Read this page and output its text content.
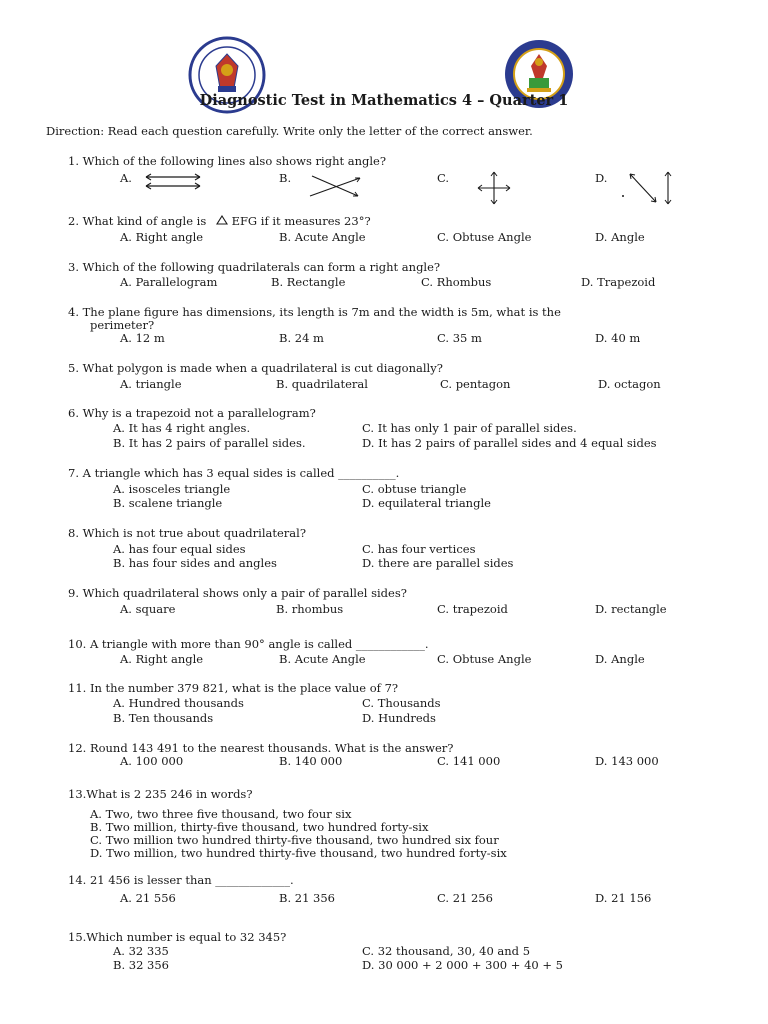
Diagnostic Test in Mathematics 4 – Quarter 1
Direction: Read each question carefully. Write only the letter of the correct answer.
1. Which of the following lines also shows right angle?
A.	B.	C.	D.
2. What kind of angle is EFG if it measures 23°?
A. Right angle	B. Acute Angle	C. Obtuse Angle	D. Angle
3. Which of the following quadrilaterals can form a right angle?
A. Parallelogram	B. Rectangle	C. Rhombus	D. Trapezoid
4. The plane figure has dimensions, its length is 7m and the width is 5m, what is the
perimeter?
A. 12 m	B. 24 m	C. 35 m	D. 40 m
5. What polygon is made when a quadrilateral is cut diagonally?
A. triangle	B. quadrilateral	C. pentagon	D. octagon
6. Why is a trapezoid not a parallelogram?
A. It has 4 right angles.	C. It has only 1 pair of parallel sides.
B. It has 2 pairs of parallel sides.	D. It has 2 pairs of parallel sides and 4 equal sides
7. A triangle which has 3 equal sides is called __________.
A. isosceles triangle	C. obtuse triangle
B. scalene triangle	D. equilateral triangle
8. Which is not true about quadrilateral?
A. has four equal sides	C. has four vertices
B. has four sides and angles	D. there are parallel sides
9. Which quadrilateral shows only a pair of parallel sides?
A. square	B. rhombus	C. trapezoid	D. rectangle
10. A triangle with more than 90° angle is called ____________.
A. Right angle	B. Acute Angle	C. Obtuse Angle	D. Angle
11. In the number 379 821, what is the place value of 7?
A. Hundred thousands	C. Thousands
B. Ten thousands	D. Hundreds
12. Round 143 491 to the nearest thousands. What is the answer?
A. 100 000	B. 140 000	C. 141 000	D. 143 000
13.What is 2 235 246 in words?
A. Two, two three five thousand, two four six
B. Two million, thirty-five thousand, two hundred forty-six
C. Two million two hundred thirty-five thousand, two hundred six four
D. Two million, two hundred thirty-five thousand, two hundred forty-six
14. 21 456 is lesser than _____________.
A. 21 556	B. 21 356	C. 21 256	D. 21 156
15.Which number is equal to 32 345?
A. 32 335	C. 32 thousand, 30, 40 and 5
B. 32 356	D. 30 000 + 2 000 + 300 + 40 + 5
